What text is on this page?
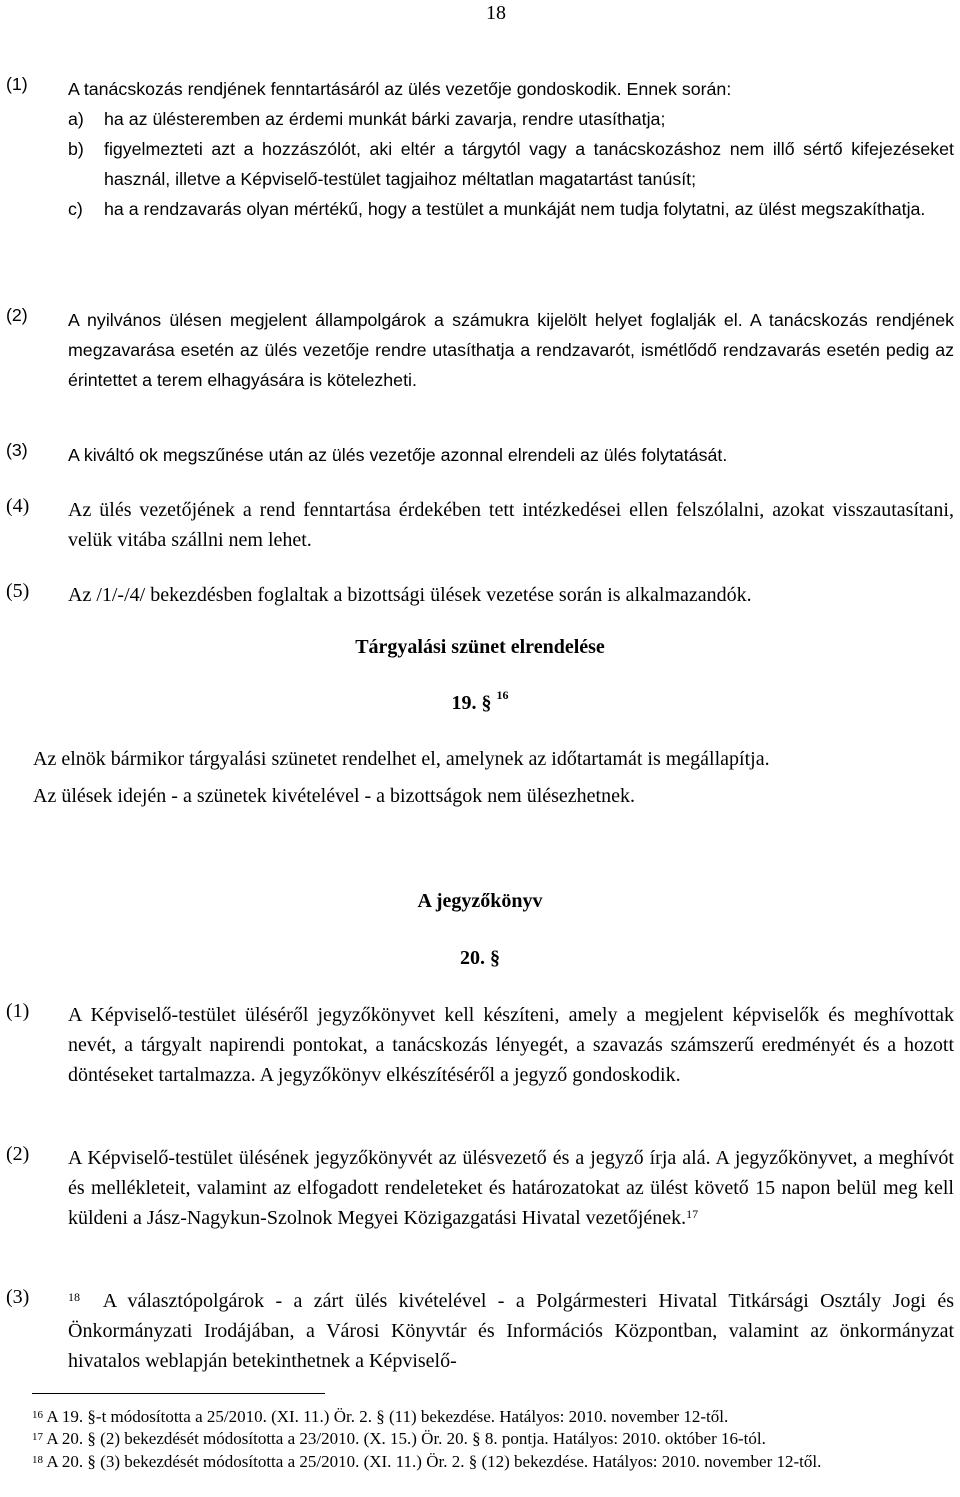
18
(1) A tanácskozás rendjének fenntartásáról az ülés vezetője gondoskodik. Ennek során:
a)	ha az ülésteremben az érdemi munkát bárki zavarja, rendre utasíthatja;
b)	figyelmezteti azt a hozzászólót, aki eltér a tárgytól vagy a tanácskozáshoz nem illő sértő kifejezéseket használ, illetve a Képviselő-testület tagjaihoz méltatlan magatartást tanúsít;
c)	ha a rendzavarás olyan mértékű, hogy a testület a munkáját nem tudja folytatni, az ülést megszakíthatja.
(2) A nyilvános ülésen megjelent állampolgárok a számukra kijelölt helyet foglalják el. A tanácskozás rendjének megzavarása esetén az ülés vezetője rendre utasíthatja a rendzavarót, ismétlődő rendzavarás esetén pedig az érintettet a terem elhagyására is kötelezheti.
(3) A kiváltó ok megszűnése után az ülés vezetője azonnal elrendeli az ülés folytatását.
(4) Az ülés vezetőjének a rend fenntartása érdekében tett intézkedései ellen felszólalni, azokat visszautasítani, velük vitába szállni nem lehet.
(5) Az /1/-/4/ bekezdésben foglaltak a bizottsági ülések vezetése során is alkalmazandók.
Tárgyalási szünet elrendelése
19. § $^{16}$
Az elnök bármikor tárgyalási szünetet rendelhet el, amelynek az időtartamát is megállapítja.
Az ülések idején - a szünetek kivételével - a bizottságok nem ülésezhetnek.
A jegyzőkönyv
20. §
(1) A Képviselő-testület üléséről jegyzőkönyvet kell készíteni, amely a megjelent képviselők és meghívottak nevét, a tárgyalt napirendi pontokat, a tanácskozás lényegét, a szavazás számszerű eredményét és a hozott döntéseket tartalmazza. A jegyzőkönyv elkészítéséről a jegyző gondoskodik.
(2) A Képviselő-testület ülésének jegyzőkönyvét az ülésvezető és a jegyző írja alá. A jegyzőkönyvet, a meghívót és mellékleteit, valamint az elfogadott rendeleteket és határozatokat az ülést követő 15 napon belül meg kell küldeni a Jász-Nagykun-Szolnok Megyei Közigazgatási Hivatal vezetőjének.$^{17}$
(3)	$^{18}$ A választópolgárok - a zárt ülés kivételével - a Polgármesteri Hivatal Titkársági Osztály Jogi és Önkormányzati Irodájában, a Városi Könyvtár és Információs Központban, valamint az önkormányzat hivatalos weblapján betekinthetnek a Képviselő-
$^{16}$ A 19. §-t módosította a 25/2010. (XI. 11.) Ör. 2. § (11) bekezdése. Hatályos: 2010. november 12-től.
$^{17}$ A 20. § (2) bekezdését módosította a 23/2010. (X. 15.) Ör. 20. § 8. pontja. Hatályos: 2010. október 16-tól.
$^{18}$ A 20. § (3) bekezdését módosította a 25/2010. (XI. 11.) Ör. 2. § (12) bekezdése. Hatályos: 2010. november 12-től.
